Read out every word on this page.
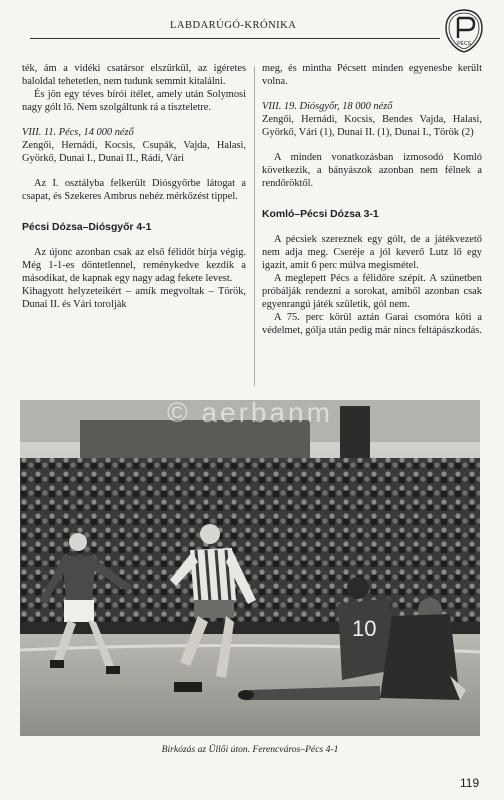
LABDARÚGÓ-KRÓNIKA
PÉCS

ték, ám a vidéki csatársor elszürkül, az igéretes baloldal tehetetlen, nem tudunk semmit kitalálni.

És jön egy téves bírói ítélet, amely után Solymosi nagy gólt lő. Nem szolgáltunk rá a tiszteletre.

VIII. 11. Pécs, 14 000 néző

Zengői, Hernádi, Kocsis, Csupák, Vajda, Halasi, Györkő, Dunai I., Dunai II., Rádi, Vári

Az I. osztályba felkerült Diósgyőrbe látogat a csapat, és Szekeres Ambrus nehéz mérkőzést tippel.

Pécsi Dózsa–Diósgyőr 4-1

Az újonc azonban csak az első félidőt bírja végig. Még 1-1-es döntetlennel, reménykedve kezdik a másodikat, de kapnak egy nagy adag fekete levest.

Kihagyott helyzeteikért – amík megvoltak – Török, Dunai II. és Vári toroljàk

meg, és mintha Pécsett minden egyenesbe került volna.

VIII. 19. Diósgyőr, 18 000 néző

Zengői, Hernádi, Kocsis, Bendes Vajda, Halasi, Györkő, Vári (1), Dunai II. (1), Dunai I., Török (2)

A minden vonatkozásban izmosodó Komló következik, a bányászok azonban nem félnek a rendőröktől.

Komló–Pécsi Dózsa 3-1

A pécsiek szereznek egy gólt, de a játékvezető nem adja meg. Cseréje a jól keverő Lutz lő egy igazit, amit 6 perc múlva megismétel.

A meglepett Pécs a félidőre szépít. A szünetben próbálják rendezni a sorokat, amiből azonban csak egyenrangú játék születik, gól nem.

A 75. perc körül aztán Garai csomóra köti a védelmet, gólja után pedig már nincs feltápászkodás.

10
© aerbanm
Birkózás az Üllői úton. Ferencváros–Pécs 4-1
119
